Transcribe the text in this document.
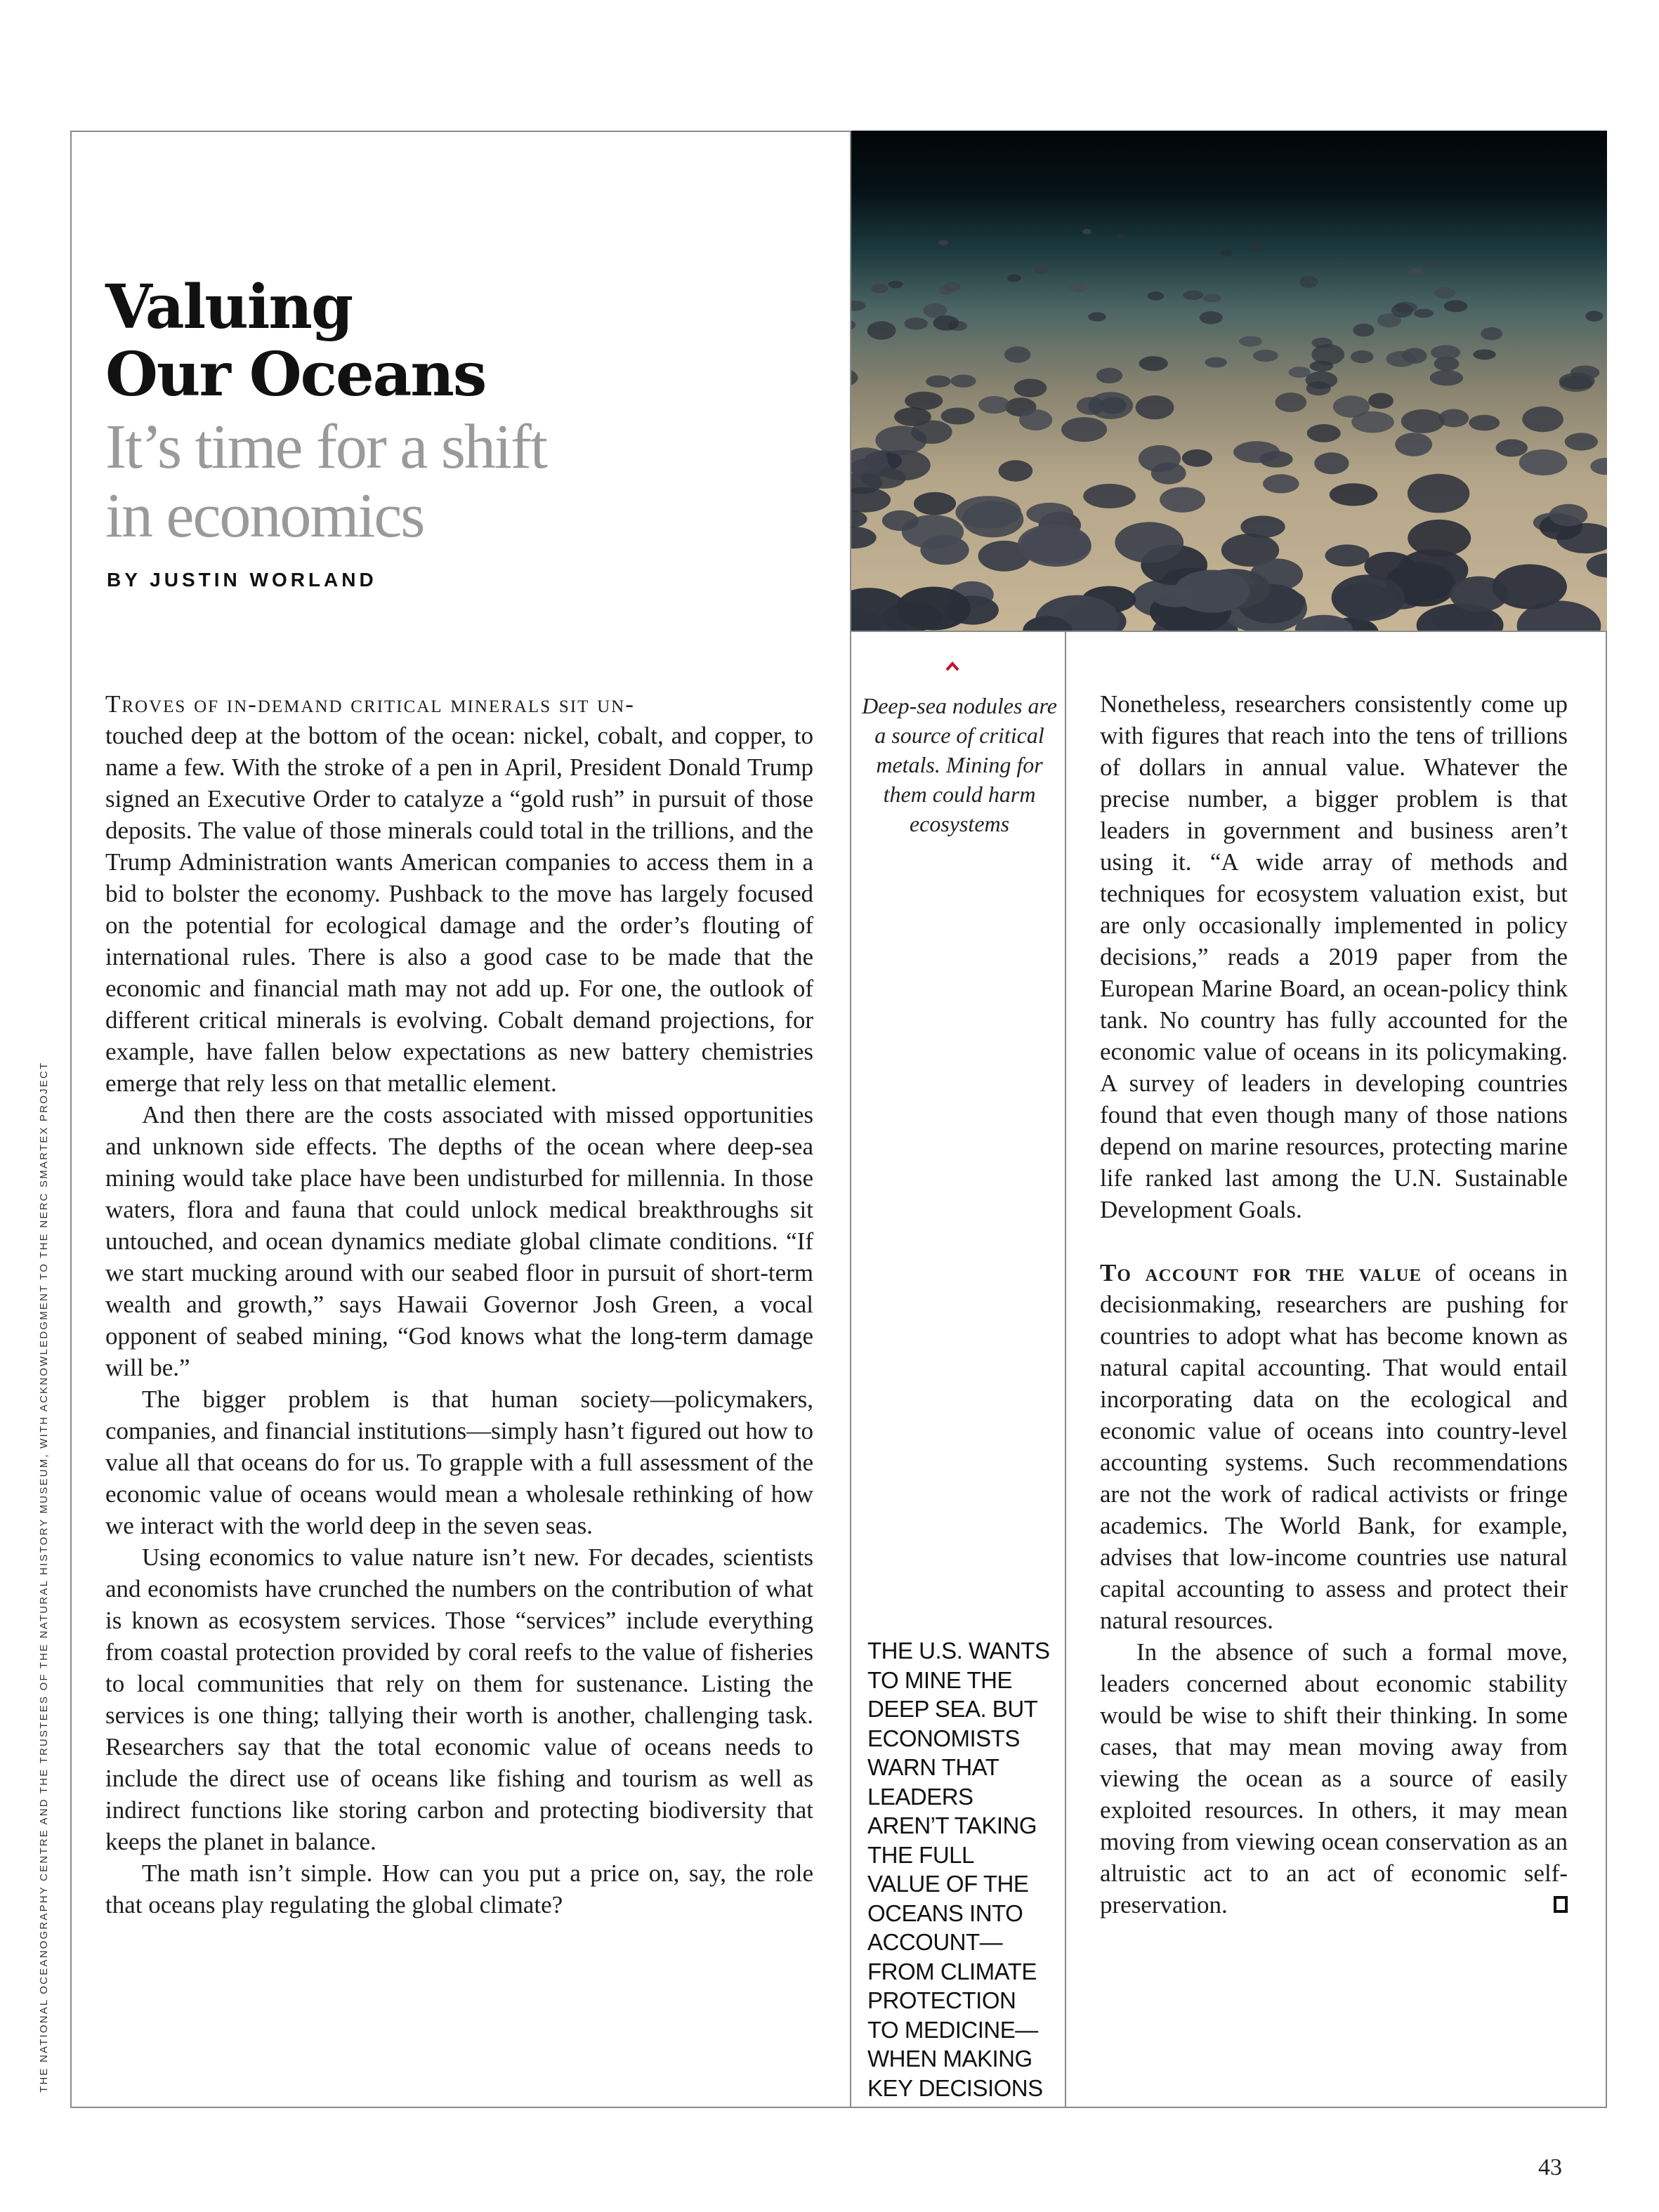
Valuing
Our Oceans
It’s time for a shift
in economics
BY JUSTIN WORLAND
Deep-sea nodules are a source of critical metals. Mining for them could harm ecosystems
THE U.S. WANTS TO MINE THE DEEP SEA. BUT ECONOMISTS WARN THAT LEADERS AREN’T TAKING THE FULL VALUE OF THE OCEANS INTO ACCOUNT—FROM CLIMATE PROTECTION TO MEDICINE—WHEN MAKING KEY DECISIONS

Troves of in-demand critical minerals sit un-
touched deep at the bottom of the ocean: nickel, cobalt, and copper, to name a few. With the stroke of a pen in April, President Donald Trump signed an Executive Order to catalyze a “gold rush” in pursuit of those deposits. The value of those minerals could total in the trillions, and the Trump Administration wants American companies to access them in a bid to bolster the economy. Pushback to the move has largely focused on the potential for ecological damage and the order’s flouting of international rules. There is also a good case to be made that the economic and financial math may not add up. For one, the outlook of different critical minerals is evolving. Cobalt demand projections, for example, have fallen below expectations as new battery chemistries emerge that rely less on that metallic element.

And then there are the costs associated with missed opportunities and unknown side effects. The depths of the ocean where deep-sea mining would take place have been undisturbed for millennia. In those waters, flora and fauna that could unlock medical breakthroughs sit untouched, and ocean dynamics mediate global climate conditions. “If we start mucking around with our seabed floor in pursuit of short-term wealth and growth,” says Hawaii Governor Josh Green, a vocal opponent of seabed mining, “God knows what the long-term damage will be.”

The bigger problem is that human society—policymakers, companies, and financial institutions—simply hasn’t figured out how to value all that oceans do for us. To grapple with a full assessment of the economic value of oceans would mean a wholesale rethinking of how we interact with the world deep in the seven seas.

Using economics to value nature isn’t new. For decades, scientists and economists have crunched the numbers on the contribution of what is known as ecosystem services. Those “services” include everything from coastal protection provided by coral reefs to the value of fisheries to local communities that rely on them for sustenance. Listing the services is one thing; tallying their worth is another, challenging task. Researchers say that the total economic value of oceans needs to include the direct use of oceans like fishing and tourism as well as indirect functions like storing carbon and protecting biodiversity that keeps the planet in balance.

The math isn’t simple. How can you put a price on, say, the role that oceans play regulating the global climate?

Nonetheless, researchers consistently come up with figures that reach into the tens of trillions of dollars in annual value. Whatever the precise number, a bigger problem is that leaders in government and business aren’t using it. “A wide array of methods and techniques for ecosystem valuation exist, but are only occasionally implemented in policy decisions,” reads a 2019 paper from the European Marine Board, an ocean-policy think tank. No country has fully accounted for the economic value of oceans in its policymaking. A survey of leaders in developing countries found that even though many of those nations depend on marine resources, protecting marine life ranked last among the U.N. Sustainable Development Goals.

To account for the value of oceans in decisionmaking, researchers are pushing for countries to adopt what has become known as natural capital accounting. That would entail incorporating data on the ecological and economic value of oceans into country-level accounting systems. Such recommendations are not the work of radical activists or fringe academics. The World Bank, for example, advises that low-income countries use natural capital accounting to assess and protect their natural resources.

In the absence of such a formal move, leaders concerned about economic stability would be wise to shift their thinking. In some cases, that may mean moving away from viewing the ocean as a source of easily exploited resources. In others, it may mean moving from viewing ocean conservation as an altruistic act to an act of economic self-preservation.

THE NATIONAL OCEANOGRAPHY CENTRE AND THE TRUSTEES OF THE NATURAL HISTORY MUSEUM, WITH ACKNOWLEDGMENT TO THE NERC SMARTEX PROJECT
43
